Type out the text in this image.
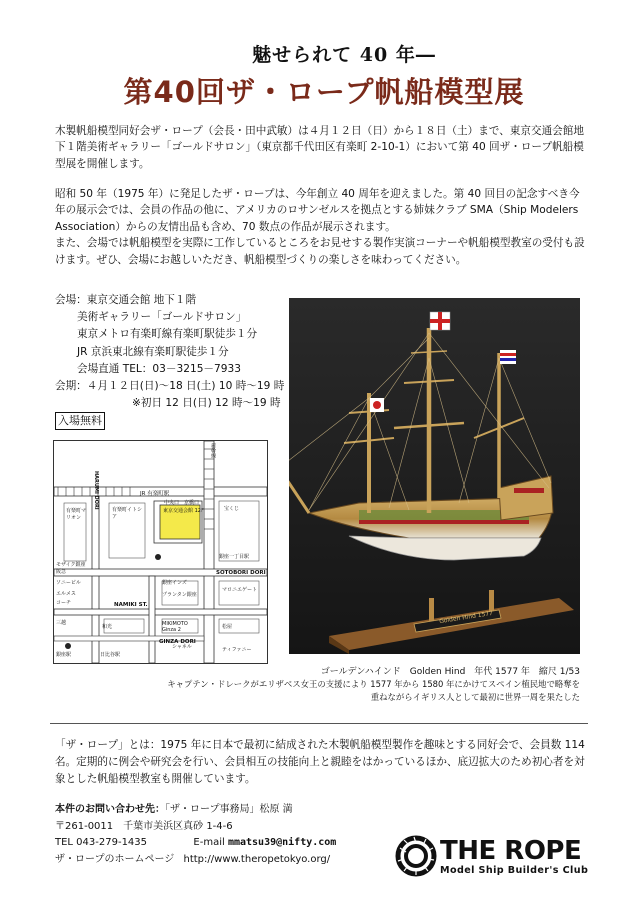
魅せられて 40 年―
第40回ザ・ロープ帆船模型展
木製帆船模型同好会ザ・ロープ（会長・田中武敏）は４月１２日（日）から１８日（土）まで、東京交通会館地下１階美術ギャラリー「ゴールドサロン」（東京都千代田区有楽町 2-10-1）において第 40 回ザ・ロープ帆船模型展を開催します。
昭和 50 年（1975 年）に発足したザ・ロープは、今年創立 40 周年を迎えました。第 40 回目の記念すべき今年の展示会では、会員の作品の他に、アメリカのロサンゼルスを拠点とする姉妹クラブ SMA（Ship Modelers Association）からの友情出品も含め、70 数点の作品が展示されます。
また、会場では帆船模型を実際に工作しているところをお見せする製作実演コーナーや帆船模型教室の受付も設けます。ぜひ、会場にお越しいただき、帆船模型づくりの楽しさを味わってください。
会場：東京交通会館 地下１階
美術ギャラリー「ゴールドサロン」
東京メトロ有楽町線有楽町駅徒歩１分
JR 京浜東北線有楽町駅徒歩１分
会場直通 TEL：03－3215－7933
会期：４月１２日(日)～18 日(土) 10 時～19 時
※初日 12 日(日) 12 時～19 時
入場無料
JR 有楽町駅
中央口 京橋口
新幹線
東京交通会館 12F
SOTOBORI DORI
HARUMI DORI
NAMIKI ST.
GINZA DORI
有楽町イトシア
有楽町マリオン
プランタン銀座
MIKIMOTO Ginza 2
シャネル	ティファニー
宝くじ
銀座駅	日比谷駅
銀座一丁目駅
マロニエゲート
モザイク銀座阪急
ソニービル
エルメス
コーチ
三越
和光	松屋
銀座インズ
Golden Hind 1577
ゴールデンハインド　Golden Hind　年代 1577 年　縮尺 1/53
キャプテン・ドレークがエリザベス女王の支援により 1577 年から 1580 年にかけてスペイン植民地で略奪を重ねながらイギリス人として最初に世界一周を果たした
「ザ・ロープ」とは：1975 年に日本で最初に結成された木製帆船模型製作を趣味とする同好会で、会員数 114 名。定期的に例会や研究会を行い、会員相互の技能向上と親睦をはかっているほか、底辺拡大のため初心者を対象とした帆船模型教室も開催しています。
本件のお問い合わせ先：「ザ・ロープ事務局」松原 満
〒261-0011　千葉市美浜区真砂 1-4-6
TEL 043-279-1435	E-mail mmatsu39@nifty.com
ザ・ロープのホームページ http://www.theropetokyo.org/	THE ROPE
Model Ship Builder's Club
